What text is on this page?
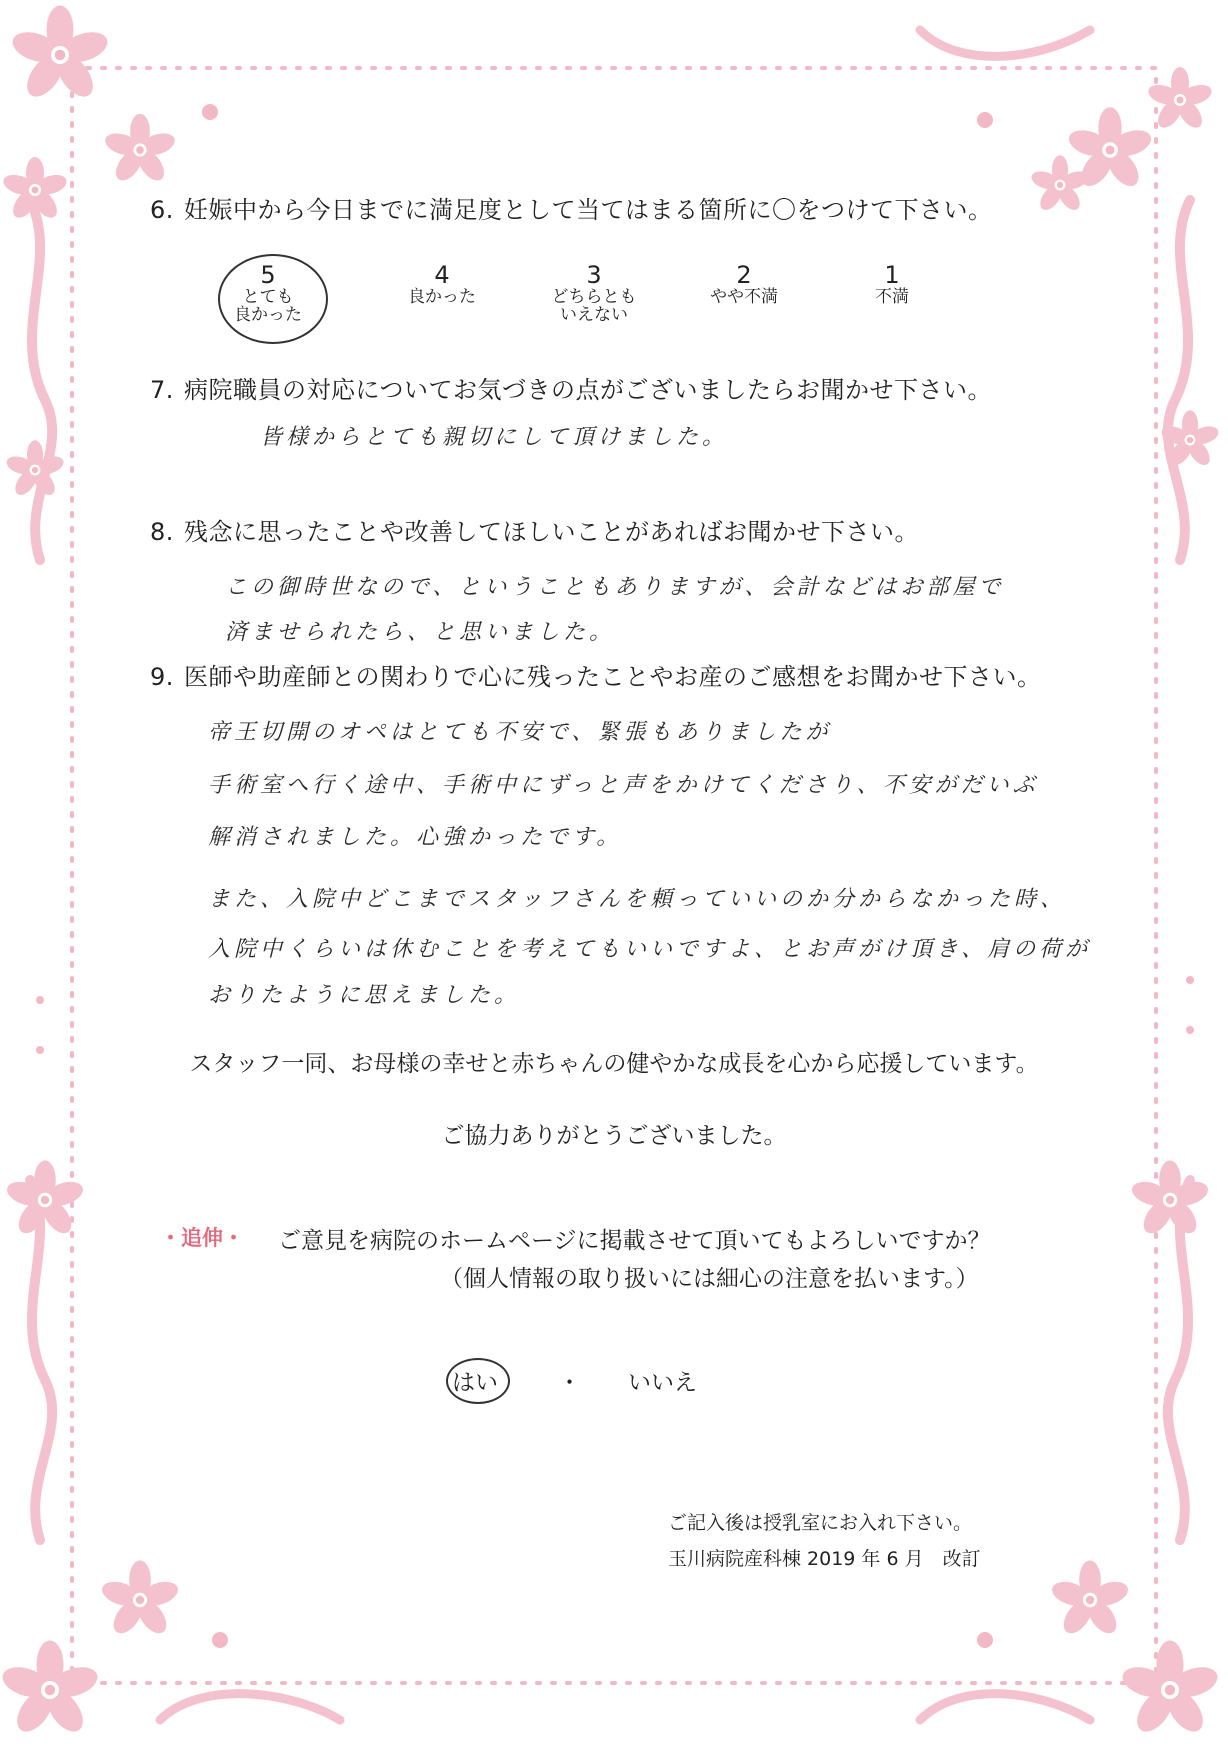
6. 妊娠中から今日までに満足度として当てはまる箇所に〇をつけて下さい。
5
とても
良かった
4
良かった
3
どちらとも
いえない
2
やや不満
1
不満
7. 病院職員の対応についてお気づきの点がございましたらお聞かせ下さい。
皆様からとても親切にして頂けました。
8. 残念に思ったことや改善してほしいことがあればお聞かせ下さい。
この御時世なので、ということもありますが、会計などはお部屋で
済ませられたら、と思いました。
9. 医師や助産師との関わりで心に残ったことやお産のご感想をお聞かせ下さい。
帝王切開のオペはとても不安で、緊張もありましたが
手術室へ行く途中、手術中にずっと声をかけてくださり、不安がだいぶ
解消されました。心強かったです。
また、入院中どこまでスタッフさんを頼っていいのか分からなかった時、
入院中くらいは休むことを考えてもいいですよ、とお声がけ頂き、肩の荷が
おりたように思えました。
スタッフ一同、お母様の幸せと赤ちゃんの健やかな成長を心から応援しています。
ご協力ありがとうございました。
・追伸・ ご意見を病院のホームページに掲載させて頂いてもよろしいですか？
（個人情報の取り扱いには細心の注意を払います。）
はい	・ いいえ
ご記入後は授乳室にお入れ下さい。
玉川病院産科棟 2019 年 6 月　改訂
